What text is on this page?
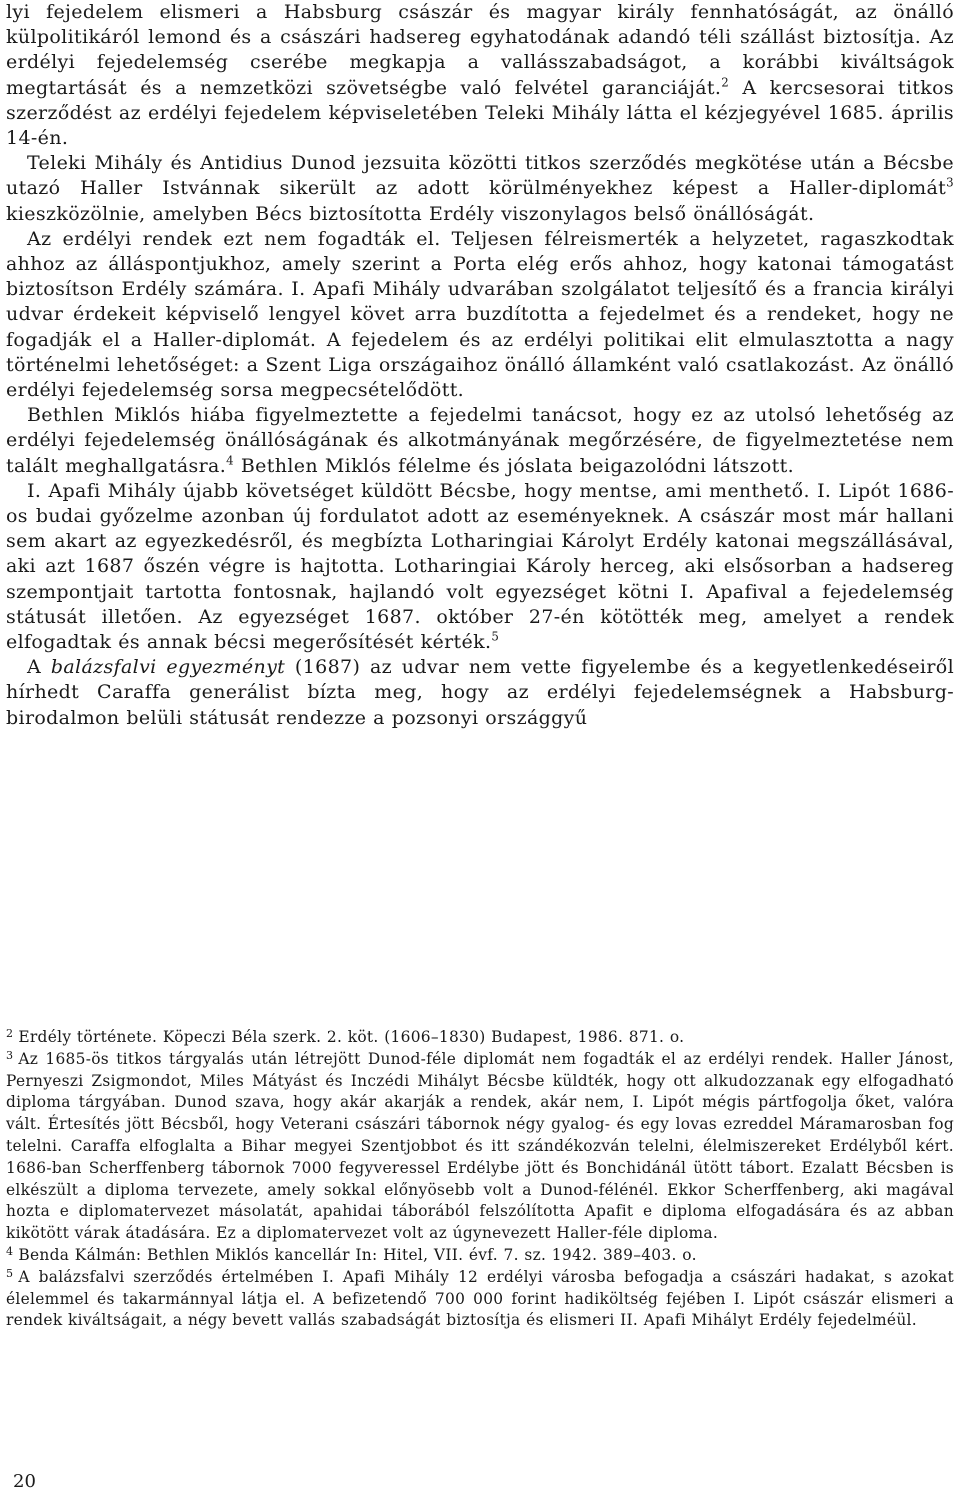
lyi fejedelem elismeri a Habsburg császár és magyar király fennhatóságát, az önálló külpolitikáról lemond és a császári hadsereg egyhatodának adandó téli szállást biztosítja. Az erdélyi fejedelemség cserébe megkapja a vallásszabadságot, a korábbi kiváltságok megtartását és a nemzetközi szövetségbe való felvétel garanciáját.$^2$ A kercsesorai titkos szerződést az erdélyi fejedelem képviseletében Teleki Mihály látta el kézjegyével 1685. április 14-én.

Teleki Mihály és Antidius Dunod jezsuita közötti titkos szerződés megkötése után a Bécsbe utazó Haller Istvánnak sikerült az adott körülményekhez képest a Haller-diplomát$^3$ kieszközölnie, amelyben Bécs biztosította Erdély viszonylagos belső önállóságát.

Az erdélyi rendek ezt nem fogadták el. Teljesen félreismerték a helyzetet, ragaszkodtak ahhoz az álláspontjukhoz, amely szerint a Porta elég erős ahhoz, hogy katonai támogatást biztosítson Erdély számára. I. Apafi Mihály udvarában szolgálatot teljesítő és a francia királyi udvar érdekeit képviselő lengyel követ arra buzdította a fejedelmet és a rendeket, hogy ne fogadják el a Haller-diplomát. A fejedelem és az erdélyi politikai elit elmulasztotta a nagy történelmi lehetőséget: a Szent Liga országaihoz önálló államként való csatlakozást. Az önálló erdélyi fejedelemség sorsa megpecsételődött.

Bethlen Miklós hiába figyelmeztette a fejedelmi tanácsot, hogy ez az utolsó lehetőség az erdélyi fejedelemség önállóságának és alkotmányának megőrzésére, de figyelmeztetése nem talált meghallgatásra.$^4$ Bethlen Miklós félelme és jóslata beigazolódni látszott.

I. Apafi Mihály újabb követséget küldött Bécsbe, hogy mentse, ami menthető. I. Lipót 1686-os budai győzelme azonban új fordulatot adott az eseményeknek. A császár most már hallani sem akart az egyezkedésről, és megbízta Lotharingiai Károlyt Erdély katonai megszállásával, aki azt 1687 őszén végre is hajtotta. Lotharingiai Károly herceg, aki elsősorban a hadsereg szempontjait tartotta fontosnak, hajlandó volt egyezséget kötni I. Apafival a fejedelemség státusát illetően. Az egyezséget 1687. október 27-én kötötték meg, amelyet a rendek elfogadtak és annak bécsi megerősítését kérték.$^5$

A balázsfalvi egyezményt (1687) az udvar nem vette figyelembe és a kegyetlenkedéseiről hírhedt Caraffa generálist bízta meg, hogy az erdélyi fejedelemségnek a Habsburg-birodalmon belüli státusát rendezze a pozsonyi országgyű

$^2$ Erdély története. Köpeczi Béla szerk. 2. köt. (1606–1830) Budapest, 1986. 871. o.

$^3$ Az 1685-ös titkos tárgyalás után létrejött Dunod-féle diplomát nem fogadták el az erdélyi rendek. Haller Jánost, Pernyeszi Zsigmondot, Miles Mátyást és Inczédi Mihályt Bécsbe küldték, hogy ott alkudozzanak egy elfogadható diploma tárgyában. Dunod szava, hogy akár akarják a rendek, akár nem, I. Lipót mégis pártfogolja őket, valóra vált. Értesítés jött Bécsből, hogy Veterani császári tábornok négy gyalog- és egy lovas ezreddel Máramarosban fog telelni. Caraffa elfoglalta a Bihar megyei Szentjobbot és itt szándékozván telelni, élelmiszereket Erdélyből kért. 1686-ban Scherffenberg tábornok 7000 fegyveressel Erdélybe jött és Bonchidánál ütött tábort. Ezalatt Bécsben is elkészült a diploma tervezete, amely sokkal előnyösebb volt a Dunod-félénél. Ekkor Scherffenberg, aki magával hozta e diplomatervezet másolatát, apahidai táborából felszólította Apafit e diploma elfogadására és az abban kikötött várak átadására. Ez a diplomatervezet volt az úgynevezett Haller-féle diploma.

$^4$ Benda Kálmán: Bethlen Miklós kancellár In: Hitel, VII. évf. 7. sz. 1942. 389–403. o.

$^5$ A balázsfalvi szerződés értelmében I. Apafi Mihály 12 erdélyi városba befogadja a császári hadakat, s azokat élelemmel és takarmánnyal látja el. A befizetendő 700 000 forint hadiköltség fejében I. Lipót császár elismeri a rendek kiváltságait, a négy bevett vallás szabadságát biztosítja és elismeri II. Apafi Mihályt Erdély fejedelméül.

20
